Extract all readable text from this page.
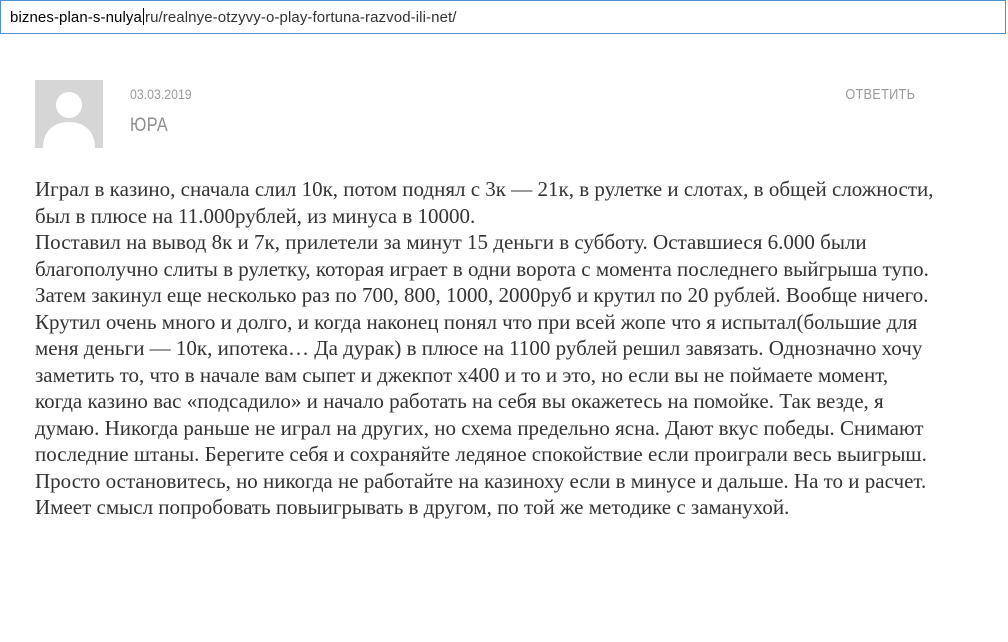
biznes-plan-s-nulya ru/realnye-otzyvy-o-play-fortuna-razvod-ili-net/
03.03.2019
ЮРА
ОТВЕТИТЬ

Играл в казино, сначала слил 10к, потом поднял с 3к — 21к, в рулетке и слотах, в общей сложности, был в плюсе на 11.000рублей, из минуса в 10000.

Поставил на вывод 8к и 7к, прилетели за минут 15 деньги в субботу. Оставшиеся 6.000 были благополучно слиты в рулетку, которая играет в одни ворота с момента последнего выйгрыша тупо. Затем закинул еще несколько раз по 700, 800, 1000, 2000руб и крутил по 20 рублей. Вообще ничего. Крутил очень много и долго, и когда наконец понял что при всей жопе что я испытал(большие для меня деньги — 10к, ипотека… Да дурак) в плюсе на 1100 рублей решил завязать. Однозначно хочу заметить то, что в начале вам сыпет и джекпот х400 и то и это, но если вы не поймаете момент, когда казино вас «подсадило» и начало работать на себя вы окажетесь на помойке. Так везде, я думаю. Никогда раньше не играл на других, но схема предельно ясна. Дают вкус победы. Снимают последние штаны. Берегите себя и сохраняйте ледяное спокойствие если проиграли весь выигрыш. Просто остановитесь, но никогда не работайте на казиноху если в минусе и дальше. На то и расчет. Имеет смысл попробовать повыигрывать в другом, по той же методике с заманухой.
